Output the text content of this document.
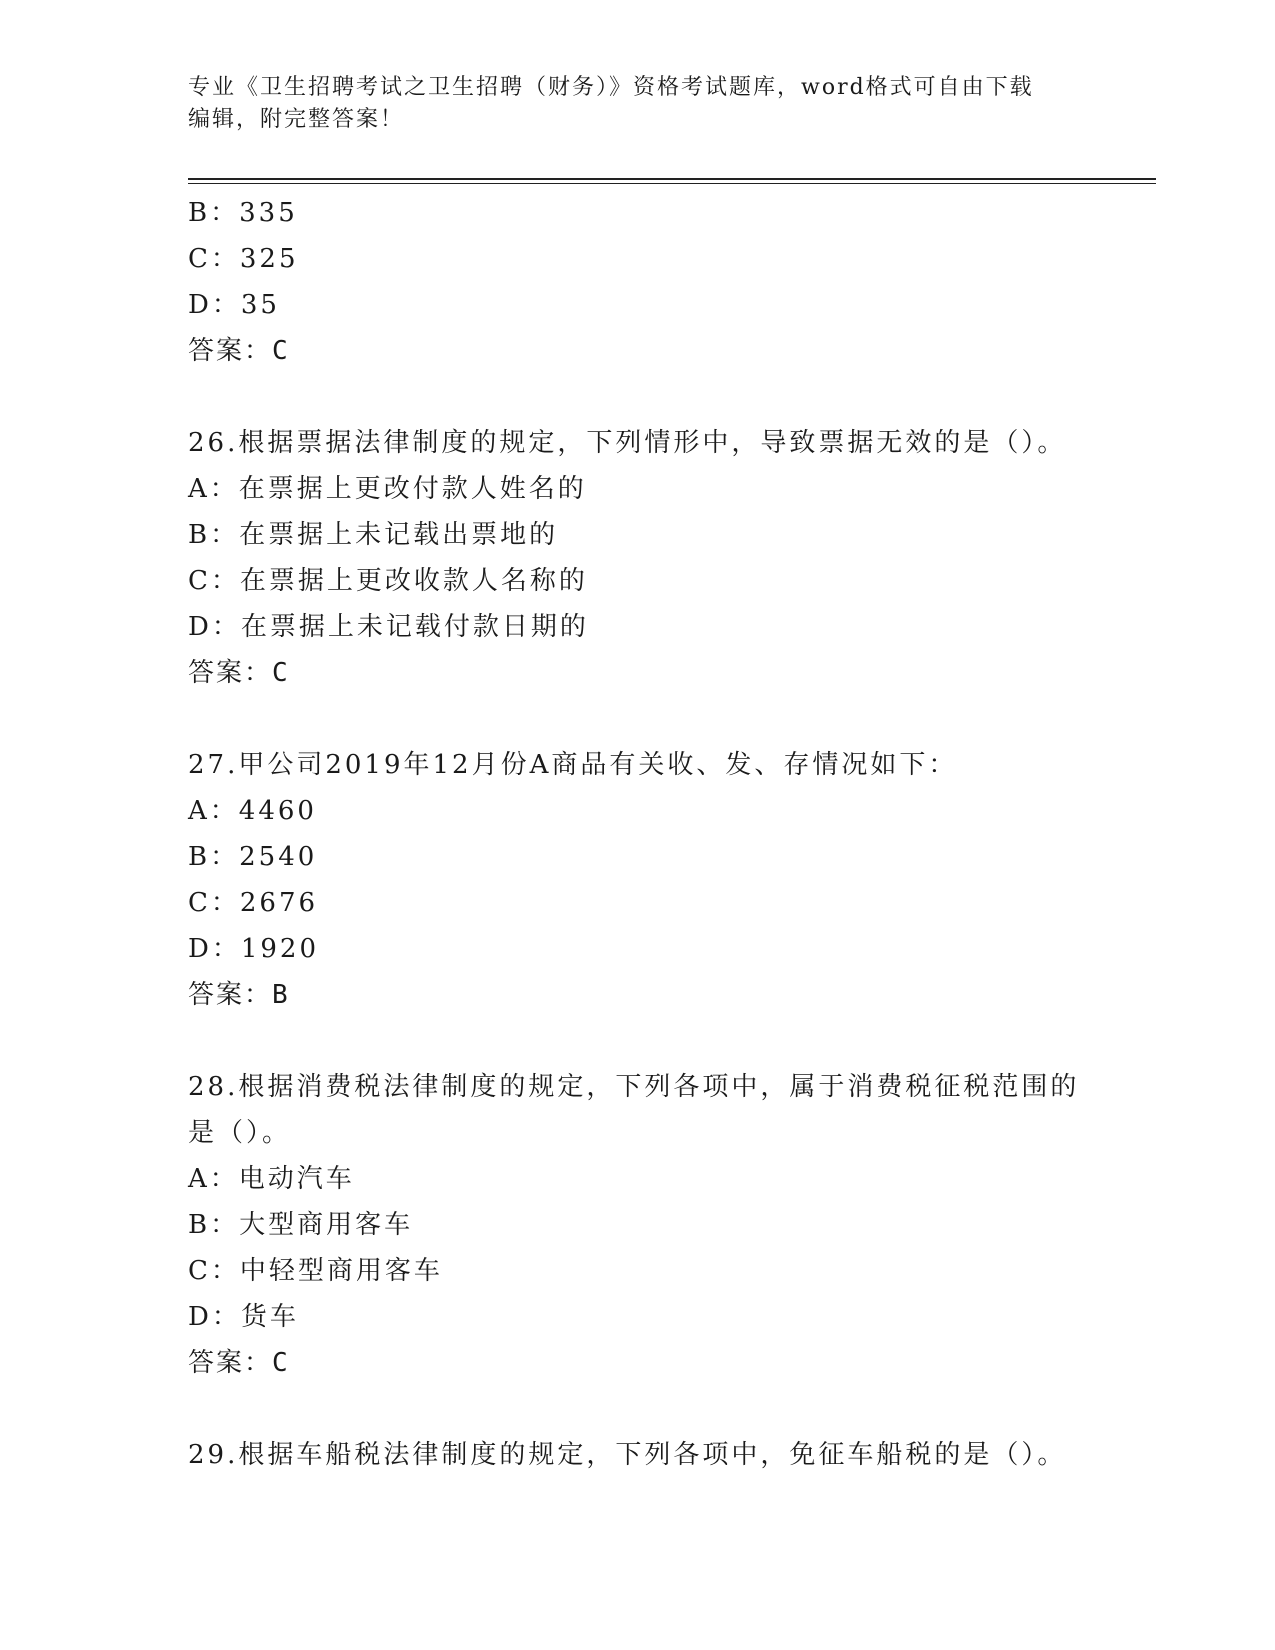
专业《卫生招聘考试之卫生招聘（财务）》资格考试题库，word格式可自由下载
编辑，附完整答案！
B：335
C：325
D：35
答案：C
26.根据票据法律制度的规定，下列情形中，导致票据无效的是（）。
A：在票据上更改付款人姓名的
B：在票据上未记载出票地的
C：在票据上更改收款人名称的
D：在票据上未记载付款日期的
答案：C
27.甲公司2019年12月份A商品有关收、发、存情况如下：
A：4460
B：2540
C：2676
D：1920
答案：B
28.根据消费税法律制度的规定，下列各项中，属于消费税征税范围的
是（）。
A：电动汽车
B：大型商用客车
C：中轻型商用客车
D：货车
答案：C
29.根据车船税法律制度的规定，下列各项中，免征车船税的是（）。
